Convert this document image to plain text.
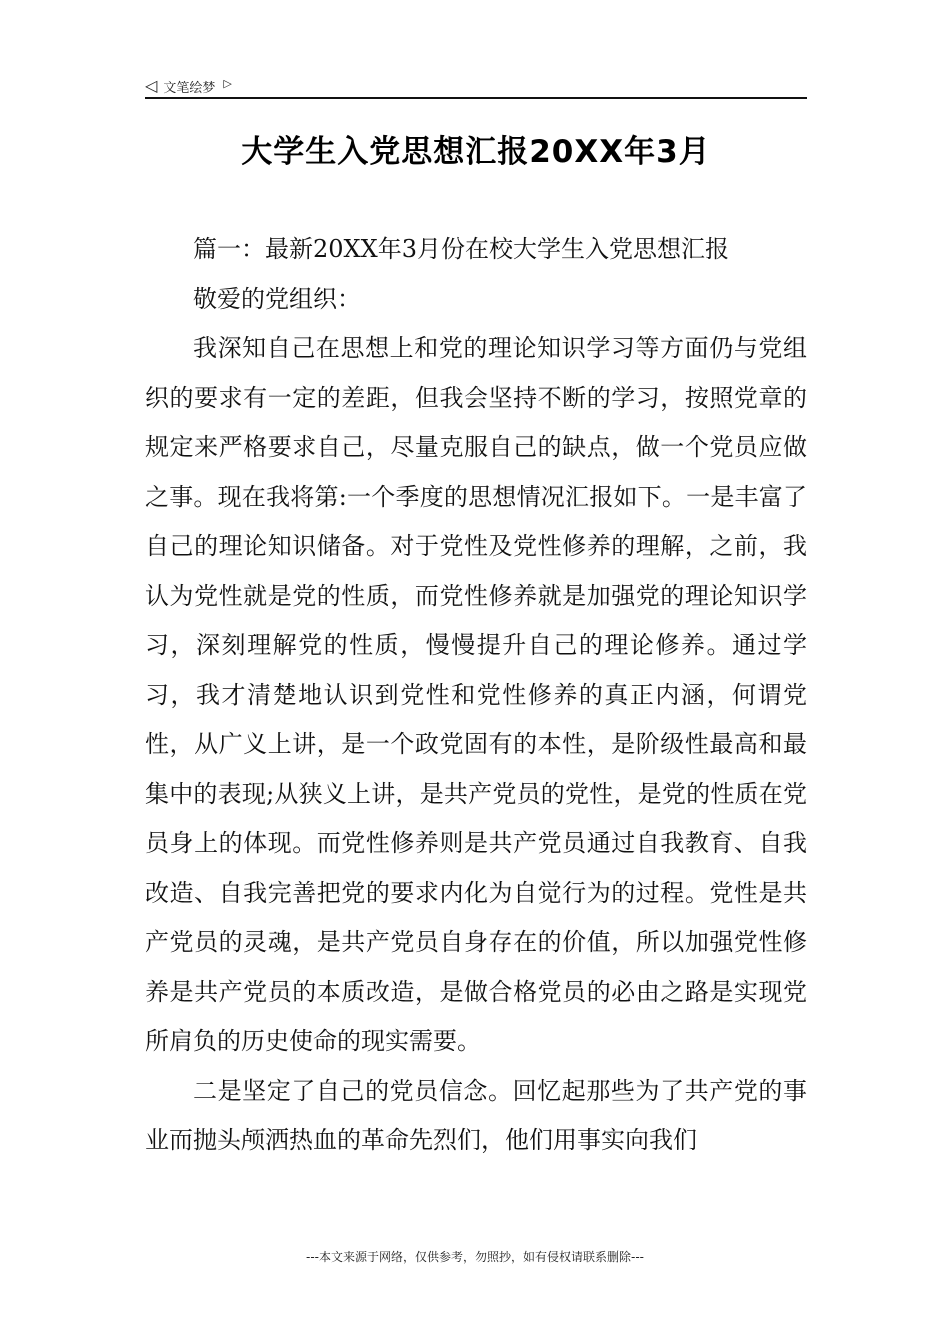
◁ 文笔绘梦 ▷
大学生入党思想汇报20XX年3月

篇一：最新20XX年3月份在校大学生入党思想汇报

敬爱的党组织：

我深知自己在思想上和党的理论知识学习等方面仍与党组织的要求有一定的差距，但我会坚持不断的学习，按照党章的规定来严格要求自己，尽量克服自己的缺点，做一个党员应做之事。现在我将第:一个季度的思想情况汇报如下。一是丰富了自己的理论知识储备。对于党性及党性修养的理解，之前，我认为党性就是党的性质，而党性修养就是加强党的理论知识学习，深刻理解党的性质，慢慢提升自己的理论修养。通过学习，我才清楚地认识到党性和党性修养的真正内涵，何谓党性，从广义上讲，是一个政党固有的本性，是阶级性最高和最集中的表现;从狭义上讲，是共产党员的党性，是党的性质在党员身上的体现。而党性修养则是共产党员通过自我教育、自我改造、自我完善把党的要求内化为自觉行为的过程。党性是共产党员的灵魂，是共产党员自身存在的价值，所以加强党性修养是共产党员的本质改造，是做合格党员的必由之路是实现党所肩负的历史使命的现实需要。

二是坚定了自己的党员信念。回忆起那些为了共产党的事业而抛头颅洒热血的革命先烈们，他们用事实向我们

---本文来源于网络，仅供参考，勿照抄，如有侵权请联系删除---
